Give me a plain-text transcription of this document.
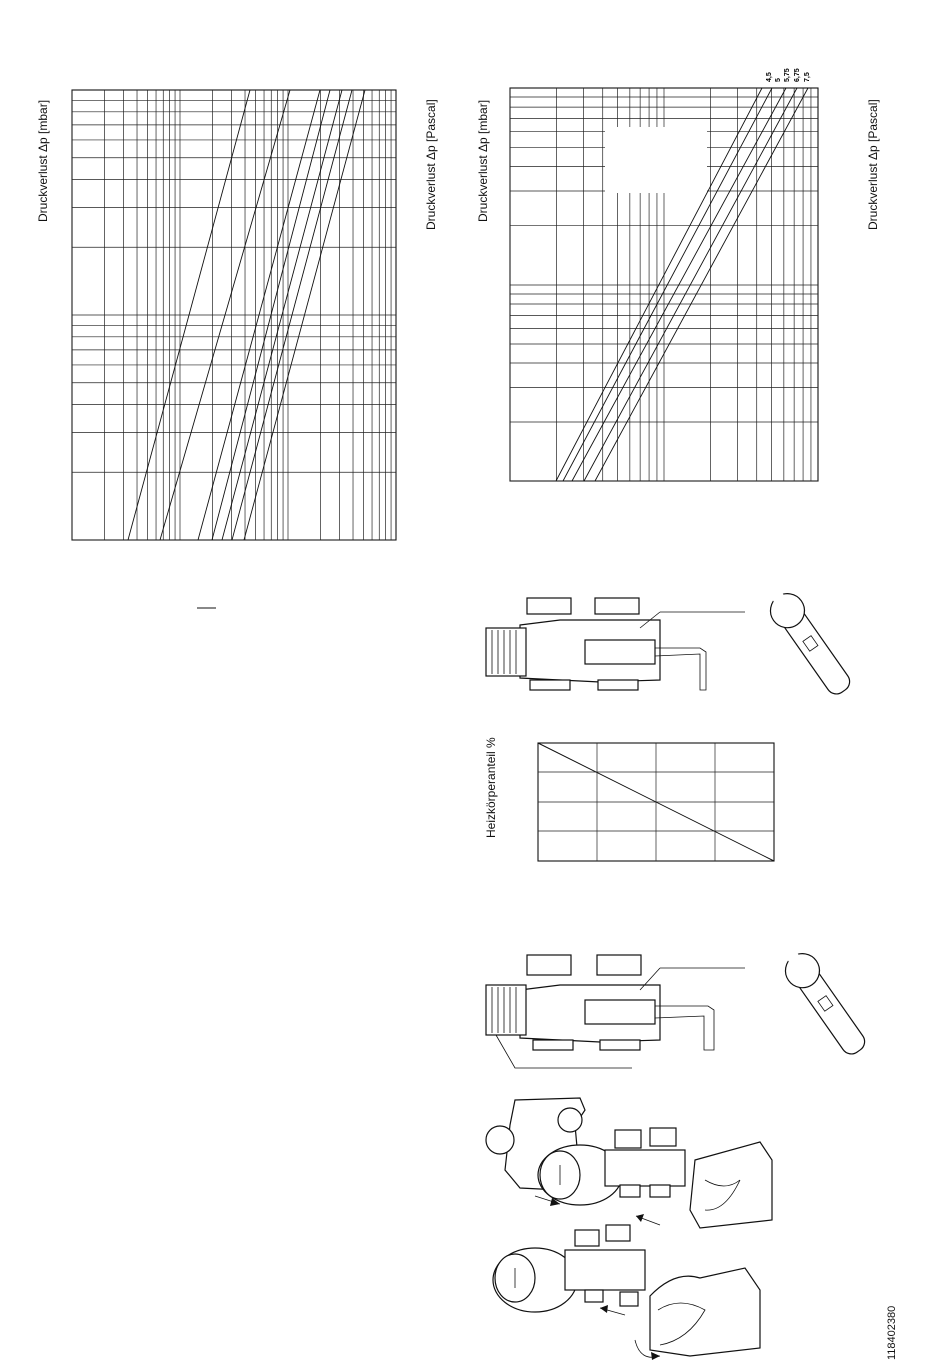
Druckverlust Δp [mbar]	Druckverlust Δp [Pascal]	Druckverlust Δp [mbar]	Druckverlust Δp [Pascal]
4,5 5 5,75 6,75 7,5
Heizkörperanteil %
118402380
